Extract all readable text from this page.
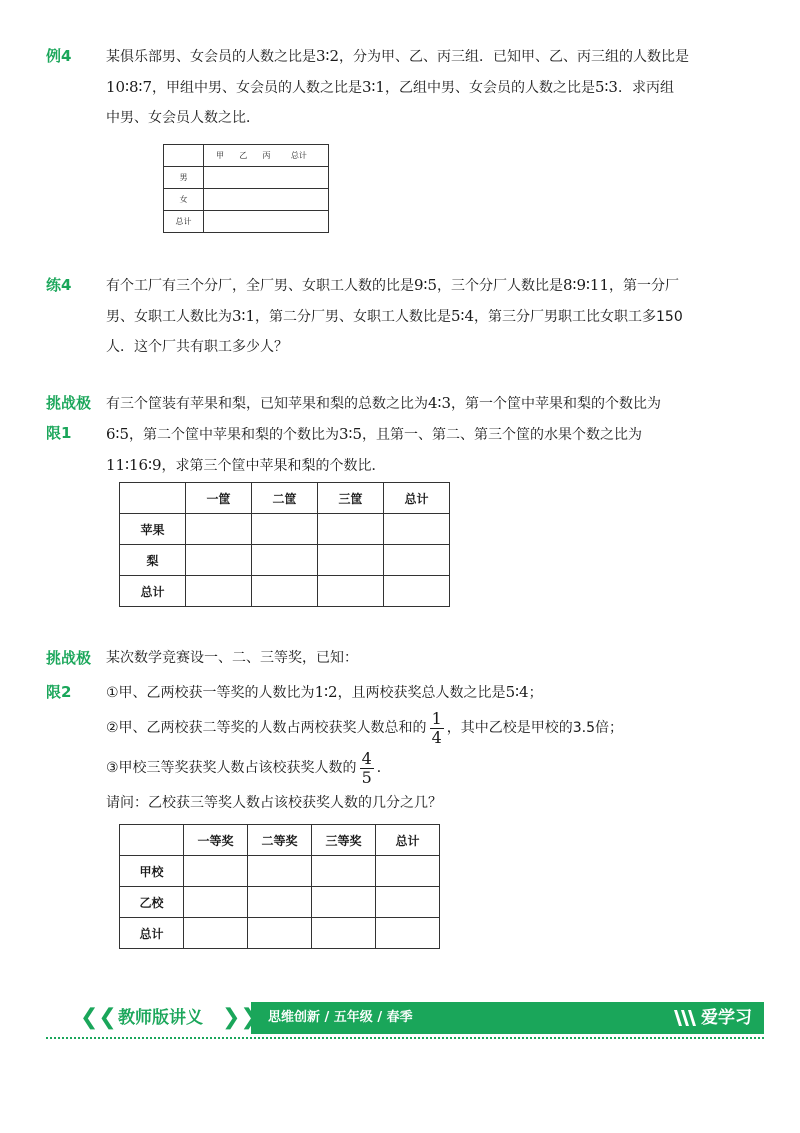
例4	某俱乐部男、女会员的人数之比是3∶2，分为甲、乙、丙三组．已知甲、乙、丙三组的人数比是
10∶8∶7，甲组中男、女会员的人数之比是3∶1，乙组中男、女会员的人数之比是5∶3．求丙组
中男、女会员人数之比．
	甲 乙 丙 总计
男	
女	
总计	
练4	有个工厂有三个分厂，全厂男、女职工人数的比是9∶5，三个分厂人数比是8∶9∶11，第一分厂
男、女职工人数比为3∶1，第二分厂男、女职工人数比是5∶4，第三分厂男职工比女职工多150
人．这个厂共有职工多少人？
挑战极
限1
有三个筐装有苹果和梨，已知苹果和梨的总数之比为4∶3，第一个筐中苹果和梨的个数比为
6∶5，第二个筐中苹果和梨的个数比为3∶5，且第一、第二、第三个筐的水果个数之比为
11∶16∶9，求第三个筐中苹果和梨的个数比．
	一筐	二筐	三筐	总计
苹果				
梨				
总计				
挑战极
限2
某次数学竞赛设一、二、三等奖，已知：
①甲、乙两校获一等奖的人数比为1∶2，且两校获奖总人数之比是5∶4；
②甲、乙两校获二等奖的人数占两校获奖人数总和的 $\frac{1}{4}$ ，其中乙校是甲校的3.5倍；
③甲校三等奖获奖人数占该校获奖人数的 $\frac{4}{5}$ ．
请问：乙校获三等奖人数占该校获奖人数的几分之几？
	一等奖	二等奖	三等奖	总计
甲校				
乙校				
总计				
❮❮ 教师版讲义 ❯❯ 思维创新 / 五年级 / 春季	爱学习
